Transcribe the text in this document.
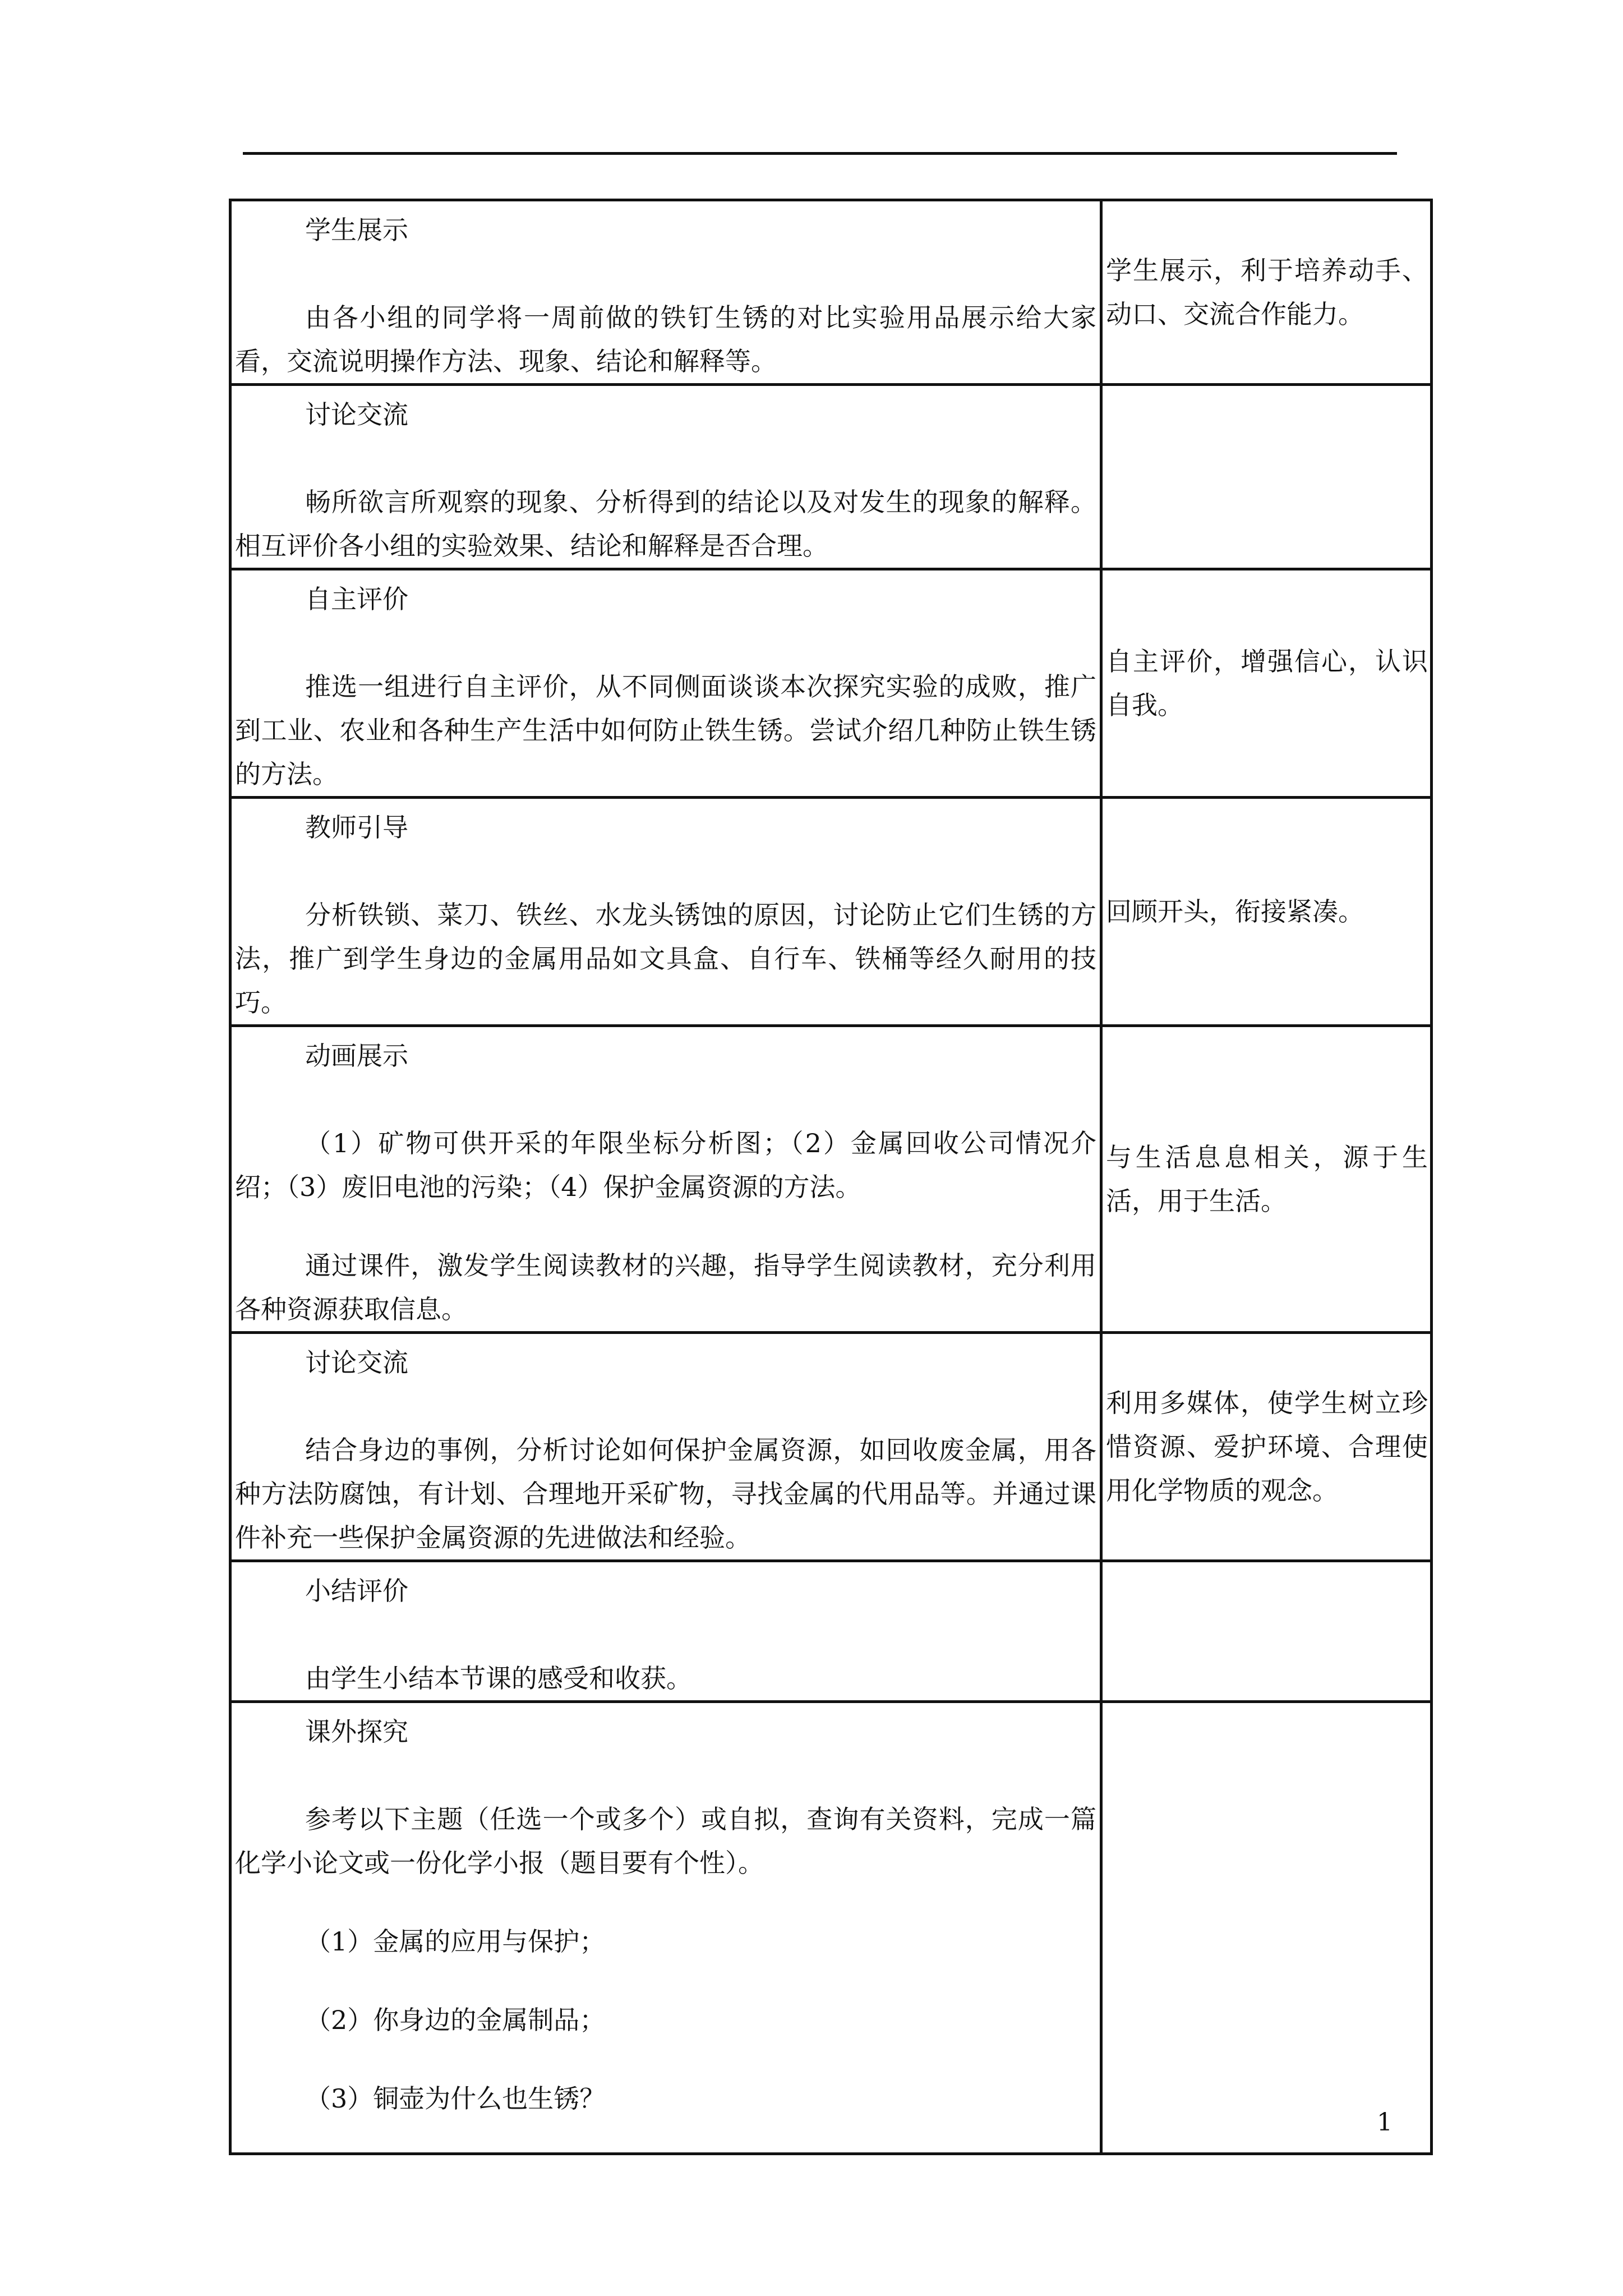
学生展示
由各小组的同学将一周前做的铁钉生锈的对比实验用品展示给大家看，交流说明操作方法、现象、结论和解释等。	学生展示，利于培养动手、动口、交流合作能力。

讨论交流
畅所欲言所观察的现象、分析得到的结论以及对发生的现象的解释。相互评价各小组的实验效果、结论和解释是否合理。	

自主评价
推选一组进行自主评价，从不同侧面谈谈本次探究实验的成败，推广到工业、农业和各种生产生活中如何防止铁生锈。尝试介绍几种防止铁生锈的方法。	自主评价，增强信心，认识自我。

教师引导
分析铁锁、菜刀、铁丝、水龙头锈蚀的原因，讨论防止它们生锈的方法，推广到学生身边的金属用品如文具盒、自行车、铁桶等经久耐用的技巧。	回顾开头，衔接紧凑。

动画展示
（1）矿物可供开采的年限坐标分析图；（2）金属回收公司情况介绍；（3）废旧电池的污染；（4）保护金属资源的方法。
通过课件，激发学生阅读教材的兴趣，指导学生阅读教材，充分利用各种资源获取信息。	与生活息息相关，源于生活，用于生活。

讨论交流
结合身边的事例，分析讨论如何保护金属资源，如回收废金属，用各种方法防腐蚀，有计划、合理地开采矿物，寻找金属的代用品等。并通过课件补充一些保护金属资源的先进做法和经验。	利用多媒体，使学生树立珍惜资源、爱护环境、合理使用化学物质的观念。

小结评价
由学生小结本节课的感受和收获。	

课外探究
参考以下主题（任选一个或多个）或自拟，查询有关资料，完成一篇化学小论文或一份化学小报（题目要有个性）。
（1）金属的应用与保护；
（2）你身边的金属制品；
（3）铜壶为什么也生锈？	

1
